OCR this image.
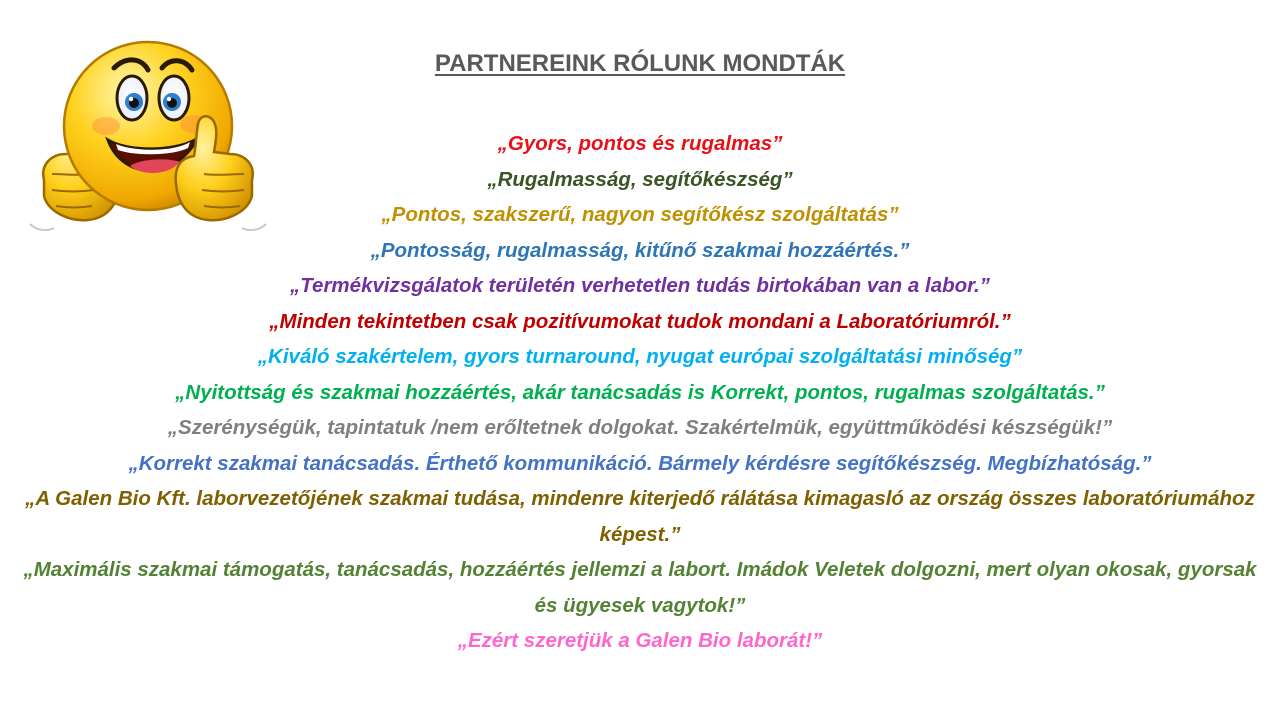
PARTNEREINK RÓLUNK MONDTÁK
„Gyors, pontos és rugalmas”
„Rugalmasság, segítőkészség”
„Pontos, szakszerű, nagyon segítőkész szolgáltatás”
„Pontosság, rugalmasság, kitűnő szakmai hozzáértés.”
„Termékvizsgálatok területén verhetetlen tudás birtokában van a labor.”
„Minden tekintetben csak pozitívumokat tudok mondani a Laboratóriumról.”
„Kiváló szakértelem, gyors turnaround, nyugat európai szolgáltatási minőség”
„Nyitottság és szakmai hozzáértés, akár tanácsadás is Korrekt, pontos, rugalmas szolgáltatás.”
„Szerénységük, tapintatuk /nem erőltetnek dolgokat. Szakértelmük, együttműködési készségük!”
„Korrekt szakmai tanácsadás. Érthető kommunikáció. Bármely kérdésre segítőkészség. Megbízhatóság.”
„A Galen Bio Kft. laborvezetőjének szakmai tudása, mindenre kiterjedő rálátása kimagasló az ország összes laboratóriumához képest.”
„Maximális szakmai támogatás, tanácsadás, hozzáértés jellemzi a labort. Imádok Veletek dolgozni, mert olyan okosak, gyorsak és ügyesek vagytok!”
„Ezért szeretjük a Galen Bio laborát!”
